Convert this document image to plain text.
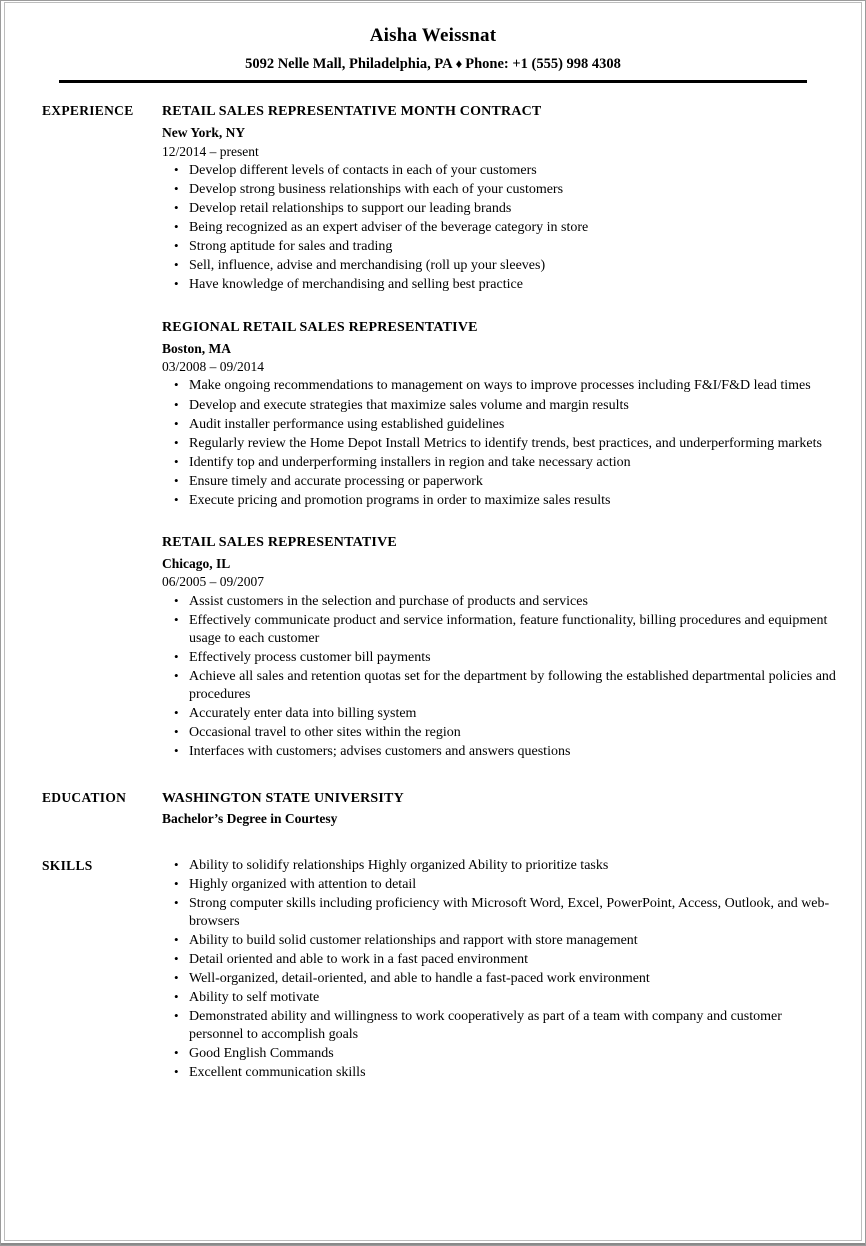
Aisha Weissnat
5092 Nelle Mall, Philadelphia, PA ♦ Phone: +1 (555) 998 4308
EXPERIENCE	RETAIL SALES REPRESENTATIVE MONTH CONTRACT
New York, NY
12/2014 – present
• Develop different levels of contacts in each of your customers
• Develop strong business relationships with each of your customers
• Develop retail relationships to support our leading brands
• Being recognized as an expert adviser of the beverage category in store
• Strong aptitude for sales and trading
• Sell, influence, advise and merchandising (roll up your sleeves)
• Have knowledge of merchandising and selling best practice
REGIONAL RETAIL SALES REPRESENTATIVE
Boston, MA
03/2008 – 09/2014
• Make ongoing recommendations to management on ways to improve processes including F&I/F&D lead times
• Develop and execute strategies that maximize sales volume and margin results
• Audit installer performance using established guidelines
• Regularly review the Home Depot Install Metrics to identify trends, best practices, and underperforming markets
• Identify top and underperforming installers in region and take necessary action
• Ensure timely and accurate processing or paperwork
• Execute pricing and promotion programs in order to maximize sales results
RETAIL SALES REPRESENTATIVE
Chicago, IL
06/2005 – 09/2007
• Assist customers in the selection and purchase of products and services
• Effectively communicate product and service information, feature functionality, billing procedures and equipment usage to each customer
• Effectively process customer bill payments
• Achieve all sales and retention quotas set for the department by following the established departmental policies and procedures
• Accurately enter data into billing system
• Occasional travel to other sites within the region
• Interfaces with customers; advises customers and answers questions
EDUCATION	WASHINGTON STATE UNIVERSITY
Bachelor’s Degree in Courtesy
SKILLS	• Ability to solidify relationships Highly organized Ability to prioritize tasks
• Highly organized with attention to detail
• Strong computer skills including proficiency with Microsoft Word, Excel, PowerPoint, Access, Outlook, and web-browsers
• Ability to build solid customer relationships and rapport with store management
• Detail oriented and able to work in a fast paced environment
• Well-organized, detail-oriented, and able to handle a fast-paced work environment
• Ability to self motivate
• Demonstrated ability and willingness to work cooperatively as part of a team with company and customer personnel to accomplish goals
• Good English Commands
• Excellent communication skills
